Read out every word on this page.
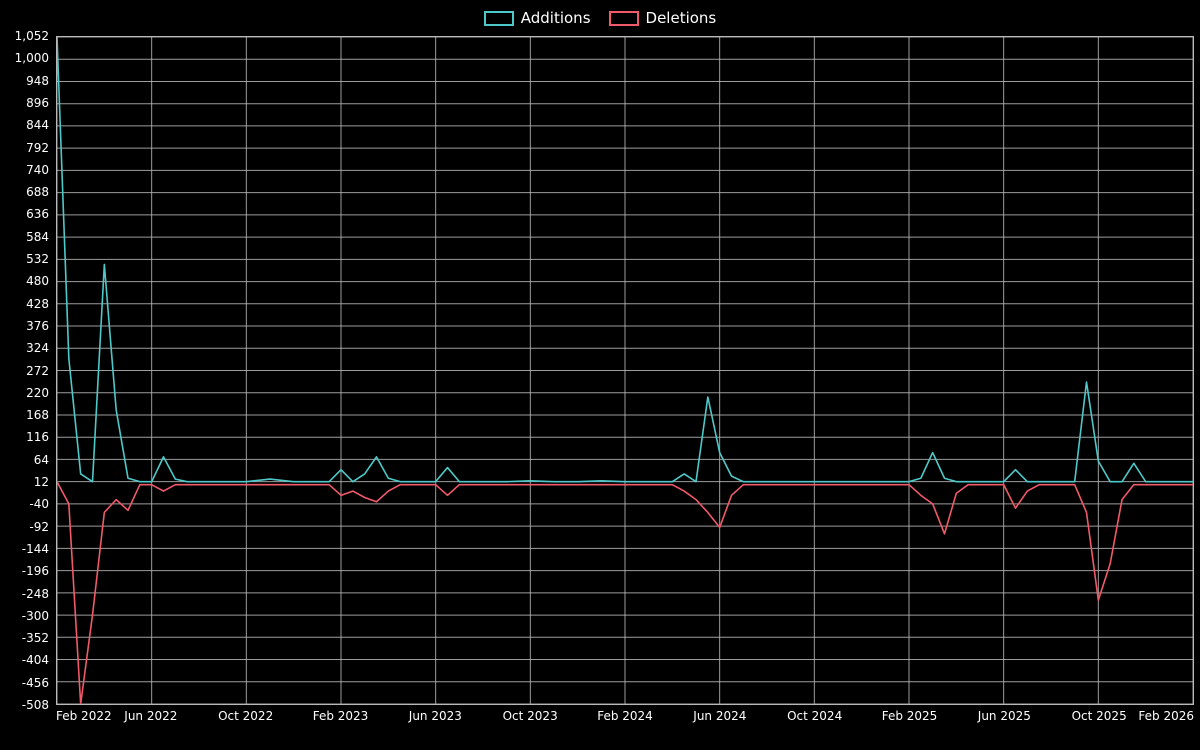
Additions	Deletions
1,052
1,000
948
896
844
792
740
688
636
584
532
480
428
376
324
272
220
168
116
64
12
-40
-92
-144
-196
-248
-300
-352
-404
-456
-508
Feb 2022 Jun 2022	Oct 2022	Feb 2023	Jun 2023	Oct 2023	Feb 2024	Jun 2024	Oct 2024	Feb 2025	Jun 2025	Oct 2025 Feb 2026
